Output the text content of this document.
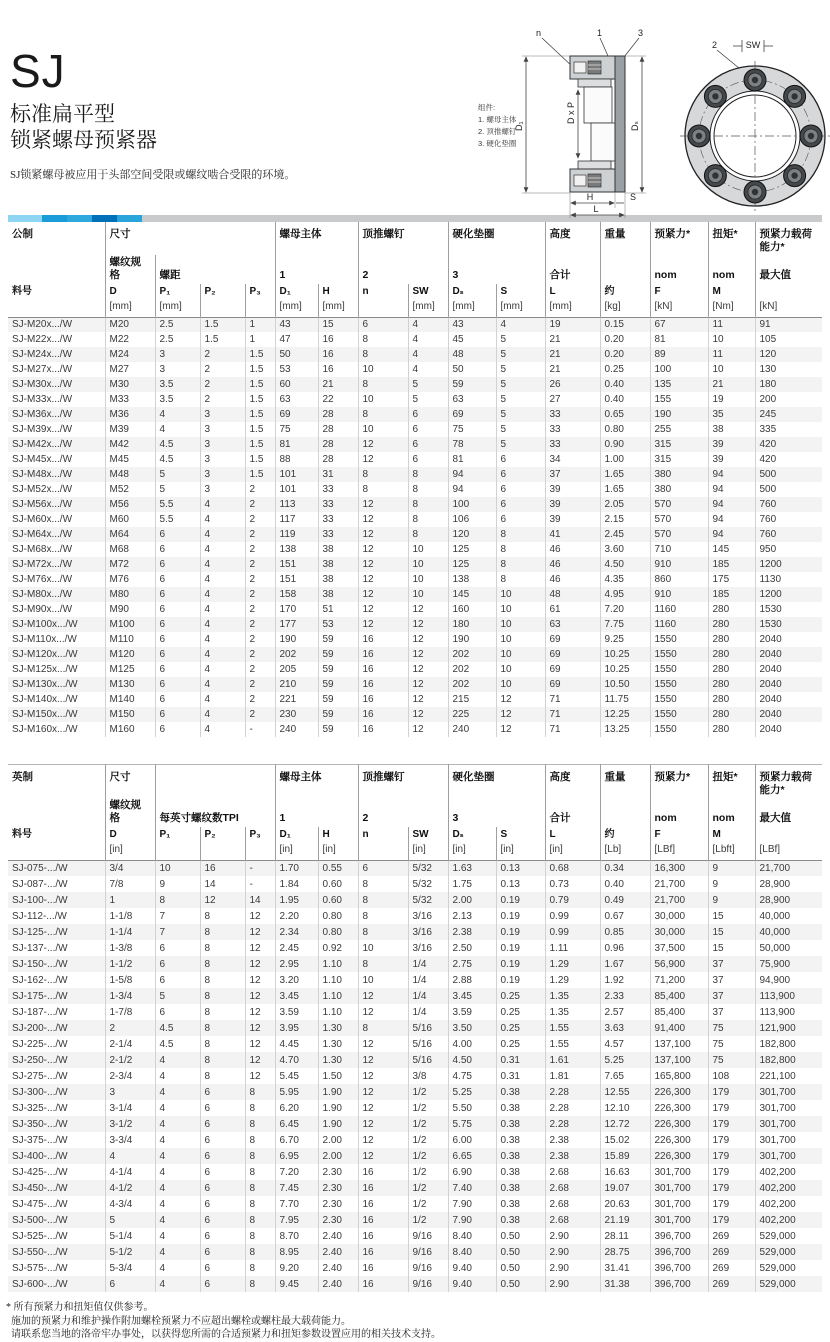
SJ
标准扁平型
锁紧螺母预紧器
SJ锁紧螺母被应用于头部空间受限或螺纹啮合受限的环境。
组件:
1. 螺母主体
2. 顶推螺钉
3. 硬化垫圈
n	1	3
D₁
D x P
Dₛ
H	S
L
SW
2
公制	尺寸				螺母主体		顶推螺钉		硬化垫圈		高度	重量	预紧力*	扭矩*	预紧力载荷能力*
	螺纹规格	螺距			1		2		3		合计		nom	nom	最大值
料号	D	P₁	P₂	P₃	D₁	H	n	SW	Dₛ	S	L	约	F	M	
	[mm]	[mm]			[mm]	[mm]		[mm]	[mm]	[mm]	[mm]	[kg]	[kN]	[Nm]	[kN]
SJ-M20x.../W	M20	2.5	1.5	1	43	15	6	4	43	4	19	0.15	67	11	91
SJ-M22x.../W	M22	2.5	1.5	1	47	16	8	4	45	5	21	0.20	81	10	105
SJ-M24x.../W	M24	3	2	1.5	50	16	8	4	48	5	21	0.20	89	11	120
SJ-M27x.../W	M27	3	2	1.5	53	16	10	4	50	5	21	0.25	100	10	130
SJ-M30x.../W	M30	3.5	2	1.5	60	21	8	5	59	5	26	0.40	135	21	180
SJ-M33x.../W	M33	3.5	2	1.5	63	22	10	5	63	5	27	0.40	155	19	200
SJ-M36x.../W	M36	4	3	1.5	69	28	8	6	69	5	33	0.65	190	35	245
SJ-M39x.../W	M39	4	3	1.5	75	28	10	6	75	5	33	0.80	255	38	335
SJ-M42x.../W	M42	4.5	3	1.5	81	28	12	6	78	5	33	0.90	315	39	420
SJ-M45x.../W	M45	4.5	3	1.5	88	28	12	6	81	6	34	1.00	315	39	420
SJ-M48x.../W	M48	5	3	1.5	101	31	8	8	94	6	37	1.65	380	94	500
SJ-M52x.../W	M52	5	3	2	101	33	8	8	94	6	39	1.65	380	94	500
SJ-M56x.../W	M56	5.5	4	2	113	33	12	8	100	6	39	2.05	570	94	760
SJ-M60x.../W	M60	5.5	4	2	117	33	12	8	106	6	39	2.15	570	94	760
SJ-M64x.../W	M64	6	4	2	119	33	12	8	120	8	41	2.45	570	94	760
SJ-M68x.../W	M68	6	4	2	138	38	12	10	125	8	46	3.60	710	145	950
SJ-M72x.../W	M72	6	4	2	151	38	12	10	125	8	46	4.50	910	185	1200
SJ-M76x.../W	M76	6	4	2	151	38	12	10	138	8	46	4.35	860	175	1130
SJ-M80x.../W	M80	6	4	2	158	38	12	10	145	10	48	4.95	910	185	1200
SJ-M90x.../W	M90	6	4	2	170	51	12	12	160	10	61	7.20	1160	280	1530
SJ-M100x.../W	M100	6	4	2	177	53	12	12	180	10	63	7.75	1160	280	1530
SJ-M110x.../W	M110	6	4	2	190	59	16	12	190	10	69	9.25	1550	280	2040
SJ-M120x.../W	M120	6	4	2	202	59	16	12	202	10	69	10.25	1550	280	2040
SJ-M125x.../W	M125	6	4	2	205	59	16	12	202	10	69	10.25	1550	280	2040
SJ-M130x.../W	M130	6	4	2	210	59	16	12	202	10	69	10.50	1550	280	2040
SJ-M140x.../W	M140	6	4	2	221	59	16	12	215	12	71	11.75	1550	280	2040
SJ-M150x.../W	M150	6	4	2	230	59	16	12	225	12	71	12.25	1550	280	2040
SJ-M160x.../W	M160	6	4	-	240	59	16	12	240	12	71	13.25	1550	280	2040
英制	尺寸				螺母主体		顶推螺钉		硬化垫圈		高度	重量	预紧力*	扭矩*	预紧力载荷能力*
	螺纹规格	每英寸螺纹数TPI			1		2		3		合计		nom	nom	最大值
料号	D	P₁	P₂	P₃	D₁	H	n	SW	Dₛ	S	L	约	F	M	
	[in]				[in]	[in]		[in]	[in]	[in]	[in]	[Lb]	[LBf]	[Lbft]	[LBf]
SJ-075-.../W	3/4	10	16	-	1.70	0.55	6	5/32	1.63	0.13	0.68	0.34	16,300	9	21,700
SJ-087-.../W	7/8	9	14	-	1.84	0.60	8	5/32	1.75	0.13	0.73	0.40	21,700	9	28,900
SJ-100-.../W	1	8	12	14	1.95	0.60	8	5/32	2.00	0.19	0.79	0.49	21,700	9	28,900
SJ-112-.../W	1-1/8	7	8	12	2.20	0.80	8	3/16	2.13	0.19	0.99	0.67	30,000	15	40,000
SJ-125-.../W	1-1/4	7	8	12	2.34	0.80	8	3/16	2.38	0.19	0.99	0.85	30,000	15	40,000
SJ-137-.../W	1-3/8	6	8	12	2.45	0.92	10	3/16	2.50	0.19	1.11	0.96	37,500	15	50,000
SJ-150-.../W	1-1/2	6	8	12	2.95	1.10	8	1/4	2.75	0.19	1.29	1.67	56,900	37	75,900
SJ-162-.../W	1-5/8	6	8	12	3.20	1.10	10	1/4	2.88	0.19	1.29	1.92	71,200	37	94,900
SJ-175-.../W	1-3/4	5	8	12	3.45	1.10	12	1/4	3.45	0.25	1.35	2.33	85,400	37	113,900
SJ-187-.../W	1-7/8	6	8	12	3.59	1.10	12	1/4	3.59	0.25	1.35	2.57	85,400	37	113,900
SJ-200-.../W	2	4.5	8	12	3.95	1.30	8	5/16	3.50	0.25	1.55	3.63	91,400	75	121,900
SJ-225-.../W	2-1/4	4.5	8	12	4.45	1.30	12	5/16	4.00	0.25	1.55	4.57	137,100	75	182,800
SJ-250-.../W	2-1/2	4	8	12	4.70	1.30	12	5/16	4.50	0.31	1.61	5.25	137,100	75	182,800
SJ-275-.../W	2-3/4	4	8	12	5.45	1.50	12	3/8	4.75	0.31	1.81	7.65	165,800	108	221,100
SJ-300-.../W	3	4	6	8	5.95	1.90	12	1/2	5.25	0.38	2.28	12.55	226,300	179	301,700
SJ-325-.../W	3-1/4	4	6	8	6.20	1.90	12	1/2	5.50	0.38	2.28	12.10	226,300	179	301,700
SJ-350-.../W	3-1/2	4	6	8	6.45	1.90	12	1/2	5.75	0.38	2.28	12.72	226,300	179	301,700
SJ-375-.../W	3-3/4	4	6	8	6.70	2.00	12	1/2	6.00	0.38	2.38	15.02	226,300	179	301,700
SJ-400-.../W	4	4	6	8	6.95	2.00	12	1/2	6.65	0.38	2.38	15.89	226,300	179	301,700
SJ-425-.../W	4-1/4	4	6	8	7.20	2.30	16	1/2	6.90	0.38	2.68	16.63	301,700	179	402,200
SJ-450-.../W	4-1/2	4	6	8	7.45	2.30	16	1/2	7.40	0.38	2.68	19.07	301,700	179	402,200
SJ-475-.../W	4-3/4	4	6	8	7.70	2.30	16	1/2	7.90	0.38	2.68	20.63	301,700	179	402,200
SJ-500-.../W	5	4	6	8	7.95	2.30	16	1/2	7.90	0.38	2.68	21.19	301,700	179	402,200
SJ-525-.../W	5-1/4	4	6	8	8.70	2.40	16	9/16	8.40	0.50	2.90	28.11	396,700	269	529,000
SJ-550-.../W	5-1/2	4	6	8	8.95	2.40	16	9/16	8.40	0.50	2.90	28.75	396,700	269	529,000
SJ-575-.../W	5-3/4	4	6	8	9.20	2.40	16	9/16	9.40	0.50	2.90	31.41	396,700	269	529,000
SJ-600-.../W	6	4	6	8	9.45	2.40	16	9/16	9.40	0.50	2.90	31.38	396,700	269	529,000
* 所有预紧力和扭矩值仅供参考。
施加的预紧力和维护操作附加螺栓预紧力不应超出螺栓或螺柱最大载荷能力。
请联系您当地的洛帝牢办事处，以获得您所需的合适预紧力和扭矩参数设置应用的相关技术支持。
